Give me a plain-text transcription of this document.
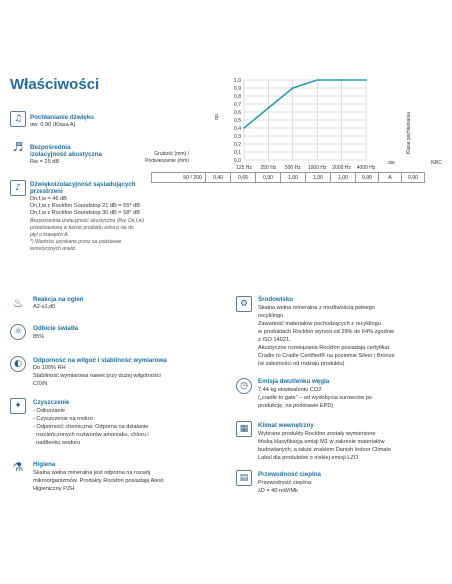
Właściwości
♫	Pochłanianie dźwięku
αw: 0,90 (Klasa A)
♬	Bezpośrednia
izolacyjność akustyczna
Rw = 25 dB
♪	Dźwiękoizolacyjność sąsiadujących
przestrzeni
Dn,f,w = 46 dB
Dn,f,w z Rockfon Soundstop 21 dB = 55* dB
Dn,f,w z Rockfon Soundstop 30 dB = 58* dB
Bezpośrednia izolacyjność akustyczna (Rw, Dn,f,w)
przedstawiona w karcie produktu odnosi się do
płyt o krawędzi A.
*) Wartości uzyskane przez na podstawie
teoretycznych analiz.
1,0
0,9
0,8
0,7
0,6
0,5
0,4
0,3
0,2
0,1
0,0
125 Hz 250 Hz 500 Hz 1000 Hz 2000 Hz 4000 Hz
αp
Grubość (mm) /
Podwieszenie (mm)	αw
Klasa pochłaniania
NRC
50 / 200	0,40	0,65	0,90	1,00	1,00	1,00	0,90	A	0,90
♨	Reakcja na ogień
A2-s1,d0
☼	Odbicie światła
85%
◐	Odporność na wilgoć i stabilność wymiarowa
Do 100% RH
Stabilność wymiarowa nawet przy dużej wilgotności
C/0/N
✦	Czyszczenie
- Odkurzanie
- Czyszczenie na mokro
- Odporność chemiczna: Odporna na działanie
rozcieńczonych roztworów amoniaku, chloru i
nadtlenku wodoru
⚗	Higiena
Skalna wełna mineralna jest odporna na rozwój
mikroorganizmów. Produkty Rockfon posiadają Atest
Higieniczny PZH
⚙	Środowisko
Skalna wełna mineralna z możliwością pełnego
recyklingu
Zawartość materiałów pochodzących z recyklingu
w produktach Rockfon wynosi od 29% do 64% zgodnie
z ISO 14021.
Akustyczne rozwiązania Rockfon posiadają certyfikat
Cradle to Cradle Certified® na poziomie Silver i Bronze
(w zależności od rodzaju produktu)
◷	Emisja dwutlenku węgla
7,44 kg ekwiwalentu CO2
(„cradle to gate" – od wydobycia surowców po
produkcję, na podstawie EPD)
▦	Klimat wewnętrzny
Wybrane produkty Rockfon zostały wymienione
fińską klasyfikacją emisji M1 w zakresie materiałów
budowlanych, a także znakiem Danish Indoor Climate
Label dla produktów o niskiej emisji LZO
▤	Przewodność cieplna
Przewodność cieplna:
λD = 40 mW/Mk
